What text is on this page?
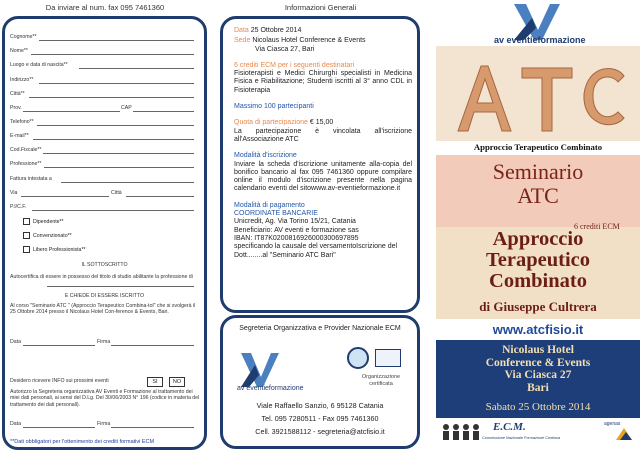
Da inviare al num. fax 095 7461360
Cognome**
Nome**
Luogo e data di nascita**
Indirizzo**
Città**
Prov.	CAP
Telefono**
E-mail**
Cod.Fiscale**
Professione**
Fattura intestata a
Via	Città
P.I/C.F.
Dipendente**
Convenzionato**
Libero Professionista**
IL SOTTOSCRITTO
Autocertifica di essere in possesso del titolo di studio abilitante la professione di
E CHIEDE DI ESSERE ISCRITTO
Al corso "Seminario ATC " (Approccio Terapeutico Combina-tol" che si svolgerà il 25 Ottobre 2014 presso il Nicolaus Hotel Con-ference & Events, Bari.
Data	Firma
Desidero ricevere INFO sui prossimi eventi	SI	NO
Autorizzo la Segreteria organizzativa AV Eventi e Formazione al trattamento dei miei dati personali, ai sensi del D.Lg. Del 30/06/2003 N° 196 (codice in materia del trattamento dei dati personali).
Data	Firma
**Dati obbligatori per l'ottenimento dei crediti formativi ECM
Informazioni Generali

Data 25 Ottobre 2014

Sede Nicolaus Hotel Conference & Events

Via Ciasca 27, Bari

6 crediti ECM per i seguenti destinatari

Fisioterapisti e Medici Chirurghi specialisti in Medicina Fisica e Riabilitazione; Studenti iscritti al 3° anno CDL in Fisioterapia

Massimo 100 partecipanti

Quota di partecipazione € 15,00

La partecipazione è vincolata all'iscrizione all'Associazione ATC

Modalità d'iscrizione

Inviare la scheda d'iscrizione unitamente alla-copia del bonifico bancario al fax 095 7461360 oppure compilare online il modulo d'iscrizione presente nella pagina calendario eventi del sitowww.av-eventieformazione.it

Modalità di pagamento

COORDINATE BANCARIE

Unicredit, Ag. Via Torino 15/21, Catania

Beneficiario: AV eventi e formazione sas

IBAN: IT87K0200816926000300697895

specificando la causale del versamentoIscrizione del Dott........al "Seminario ATC Bari"

Segreteria Organizzativa e Provider Nazionale ECM
av eventieformazione
Organizzazione certificata
Viale Raffaello Sanzio, 6 95128 Catania
Tel. 095 7280511 - Fax 095 7461360
Cell. 3921588112 - segreteria@atcfisio.it
av eventieformazione
Approccio Terapeutico Combinato
Seminario
ATC
6 crediti ECM
Approccio
Terapeutico
Combinato
di Giuseppe Cultrera
www.atcfisio.it
Nicolaus Hotel
Conference & Events
Via Ciasca 27
Bari
Sabato 25 Ottobre 2014
E.C.M.
Commissione Nazionale Formazione Continua
agenas
